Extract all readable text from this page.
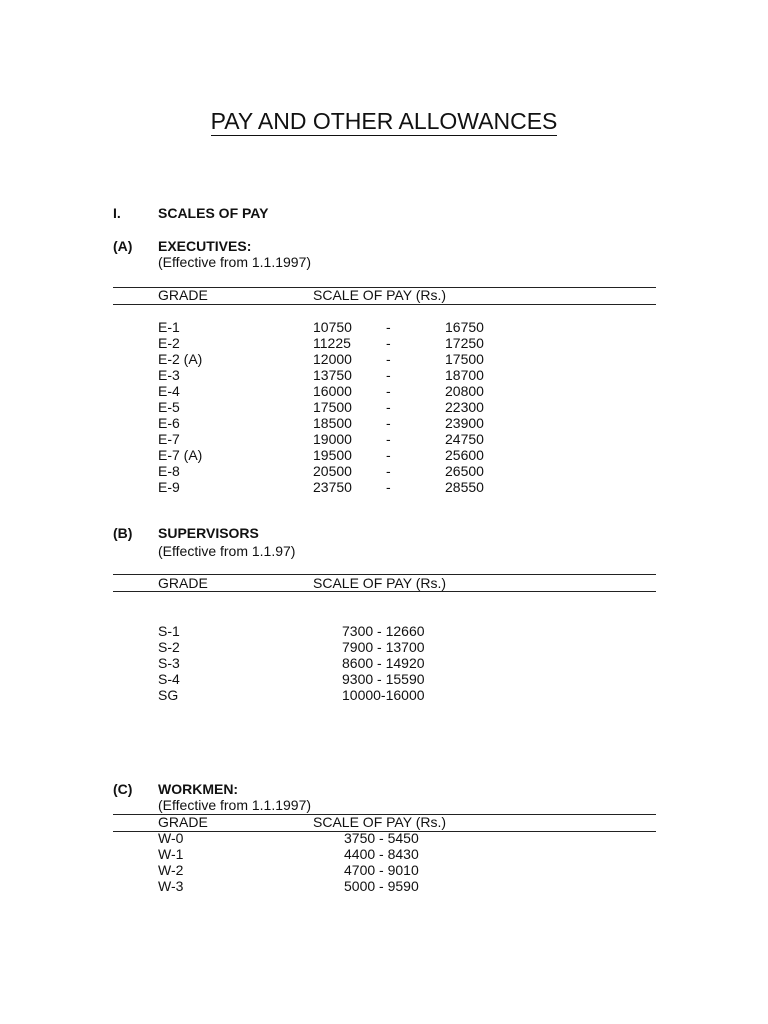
PAY AND OTHER ALLOWANCES
I.	SCALES OF PAY
(A) EXECUTIVES:
(Effective from 1.1.1997)
GRADE	SCALE OF PAY (Rs.)
E-1	10750 -	16750
E-2	11225	-	17250
E-2 (A)	12000 -	17500
E-3	13750 -	18700
E-4	16000 -	20800
E-5	17500 -	22300
E-6	18500 -	23900
E-7	19000 -	24750
E-7 (A)	19500 -	25600
E-8	20500 -	26500
E-9	23750 -	28550
(B) SUPERVISORS
(Effective from 1.1.97)
GRADE	SCALE OF PAY (Rs.)
S-1	7300 - 12660
S-2	7900 - 13700
S-3	8600 - 14920
S-4	9300 - 15590
SG	10000-16000
(C) WORKMEN:
(Effective from 1.1.1997)
GRADE	SCALE OF PAY (Rs.)
W-0	3750 - 5450
W-1	4400 - 8430
W-2	4700 - 9010
W-3	5000 - 9590
